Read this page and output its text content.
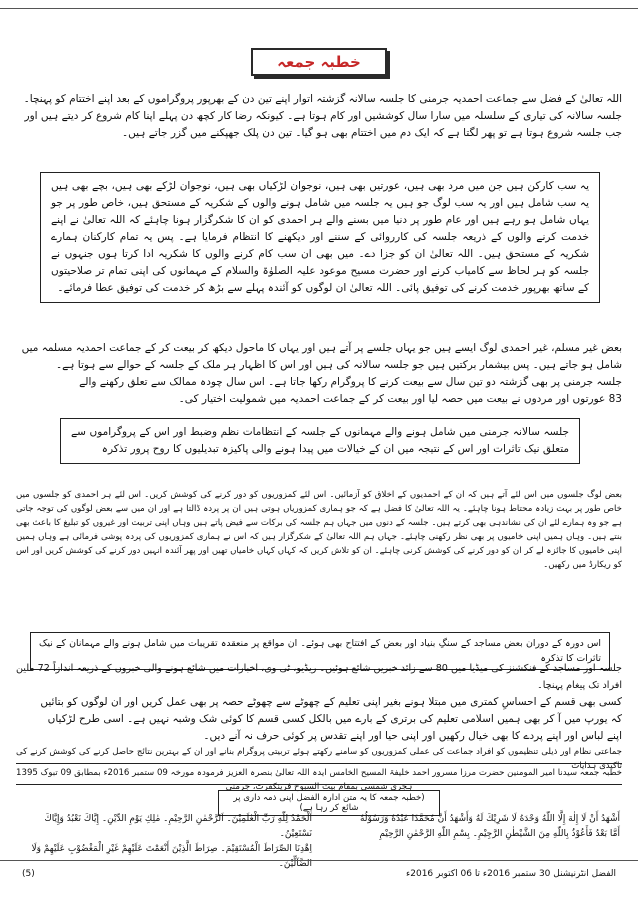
خطبہ جمعہ

اللہ تعالیٰ کے فضل سے جماعت احمدیہ جرمنی کا جلسہ سالانہ گزشتہ اتوار اپنے تین دن کے بھرپور پروگراموں کے بعد اپنے اختتام کو پہنچا۔

جلسہ سالانہ کی تیاری کے سلسلہ میں سارا سال کوششیں اور کام ہوتا ہے۔ کیونکہ رضا کار کچھ دن پہلے اپنا کام شروع کر دیتے ہیں اور

جب جلسہ شروع ہوتا ہے تو پھر لگتا ہے کہ ایک دم میں اختتام بھی ہو گیا۔ تین دن پلک جھپکنے میں گزر جاتے ہیں۔

یہ سب کارکن ہیں جن میں مرد بھی ہیں، عورتیں بھی ہیں، نوجوان لڑکیاں بھی ہیں، نوجوان لڑکے بھی ہیں، بچے بھی ہیں یہ سب شامل ہیں اور یہ سب لوگ جو ہیں یہ جلسہ میں شامل ہونے والوں کے شکریہ کے مستحق ہیں، خاص طور پر جو یہاں شامل ہو رہے ہیں اور عام طور پر دنیا میں بسنے والے ہر احمدی کو ان کا شکرگزار ہونا چاہئے کہ اللہ تعالیٰ نے اپنے خدمت کرنے والوں کے ذریعہ جلسہ کی کارروائی کے سننے اور دیکھنے کا انتظام فرمایا ہے۔ پس یہ تمام کارکنان ہمارے شکریہ کے مستحق ہیں۔ اللہ تعالیٰ ان کو جزا دے۔ میں بھی ان سب کام کرنے والوں کا شکریہ ادا کرتا ہوں جنہوں نے جلسہ کو ہر لحاظ سے کامیاب کرنے اور حضرت مسیح موعود علیہ الصلوٰۃ والسلام کے مہمانوں کی اپنی تمام تر صلاحیتوں کے ساتھ بھرپور خدمت کرنے کی توفیق پائی۔ اللہ تعالیٰ ان لوگوں کو آئندہ پہلے سے بڑھ کر خدمت کی توفیق عطا فرمائے۔

بعض غیر مسلم، غیر احمدی لوگ ایسے ہیں جو یہاں جلسے پر آتے ہیں اور یہاں کا ماحول دیکھ کر بیعت کر کے جماعت احمدیہ مسلمہ میں

شامل ہو جاتے ہیں۔ پس بیشمار برکتیں ہیں جو جلسہ سالانہ کی ہیں اور اس کا اظہار ہر ملک کے جلسہ کے حوالے سے ہوتا ہے۔

جلسہ جرمنی پر بھی گزشتہ دو تین سال سے بیعت کرنے کا پروگرام رکھا جاتا ہے۔ اس سال چودہ ممالک سے تعلق رکھنے والے

83 عورتوں اور مردوں نے بیعت میں حصہ لیا اور بیعت کر کے جماعت احمدیہ میں شمولیت اختیار کی۔

جلسہ سالانہ جرمنی میں شامل ہونے والے مہمانوں کے جلسہ کے انتظامات نظم وضبط اور اس کے پروگراموں سے متعلق نیک تاثرات اور اس کے نتیجہ میں ان کے خیالات میں پیدا ہونے والی پاکیزہ تبدیلیوں کا روح پرور تذکرہ

بعض لوگ جلسوں میں اس لئے آتے ہیں کہ ان کے احمدیوں کے اخلاق کو آزمائیں۔ اس لئے کمزوریوں کو دور کرنے کی کوشش کریں۔ اس لئے ہر احمدی کو جلسوں میں خاص طور پر بہت زیادہ محتاط ہونا چاہئے۔ یہ اللہ تعالیٰ کا فضل ہے کہ جو ہماری کمزوریاں ہوتی ہیں ان پر پردہ ڈالتا ہے اور ان میں سے بعض لوگوں کی توجہ جاتی ہے جو وہ ہمارے لئے ان کی نشاندہی بھی کرتے ہیں۔ جلسہ کے دنوں میں جہاں ہم جلسہ کی برکات سے فیض پاتے ہیں وہاں اپنی تربیت اور غیروں کو تبلیغ کا باعث بھی بنتے ہیں۔ وہاں ہمیں اپنی خامیوں پر بھی نظر رکھنی چاہئے۔ جہاں ہم اللہ تعالیٰ کے شکرگزار ہیں کہ اس نے ہماری کمزوریوں کی پردہ پوشی فرمائی ہے وہاں ہمیں اپنی خامیوں کا جائزہ لے کر ان کو دور کرنے کی کوشش کرنی چاہئے۔ ان کو تلاش کریں کہ کہاں کہاں خامیاں تھیں اور پھر آئندہ انہیں دور کرنے کی کوشش کریں اور اس کو ریکارڈ میں رکھیں۔

اس دورہ کے دوران بعض مساجد کے سنگِ بنیاد اور بعض کے افتتاح بھی ہوئے۔ ان مواقع پر منعقدہ تقریبات میں شامل ہونے والے مہمانان کے نیک تاثرات کا تذکرہ

جلسہ اور مساجد کے فنکشنز کی میڈیا میں 80 سے زائد خبریں شائع ہوئیں۔ ریڈیو، ٹی وی، اخبارات میں شائع ہونے والی خبروں کے ذریعہ اندازاً 72 ملین افراد تک پیغام پہنچا۔

کسی بھی قسم کے احساسِ کمتری میں مبتلا ہونے بغیر اپنی تعلیم کے چھوٹے سے چھوٹے حصہ پر بھی عمل کریں اور ان لوگوں کو بتائیں

کہ یورپ میں آ کر بھی ہمیں اسلامی تعلیم کی برتری کے بارے میں بالکل کسی قسم کا کوئی شک وشبہ نہیں ہے۔ اسی طرح لڑکیاں

اپنے لباس اور اپنے پردے کا بھی خیال رکھیں اور اپنی حیا اور اپنے تقدس پر کوئی حرف نہ آنے دیں۔

جماعتی نظام اور ذیلی تنظیموں کو افراد جماعت کی عملی کمزوریوں کو سامنے رکھتے ہوئے تربیتی پروگرام بنانے اور ان کے بہترین نتائج حاصل کرنے کی کوشش کرنے کی تاکیدی ہدایات

خطبہ جمعہ سیدنا امیر المومنین حضرت مرزا مسرور احمد خلیفۃ المسیح الخامس ایدہ اللہ تعالیٰ بنصرہ العزیز فرمودہ مورخہ 09 ستمبر 2016ء بمطابق 09 تبوک 1395 ہجری شمسی بمقام بیت السبوح فرینکفرٹ، جرمنی

(خطبہ جمعہ کا یہ متن ادارہ الفضل اپنی ذمہ داری پر شائع کر رہا ہے)
أَشْهَدُ أَنْ لَا إِلٰهَ إِلَّا اللّٰهُ وَحْدَهُ لَا شَرِيْكَ لَهُ وَأَشْهَدُ أَنَّ مُحَمَّدًا عَبْدُهُ وَرَسُوْلُهُ
أَمَّا بَعْدُ فَأَعُوْذُ بِاللّٰهِ مِنَ الشَّيْطٰنِ الرَّجِيْمِ۔ بِسْمِ اللّٰهِ الرَّحْمٰنِ الرَّحِيْمِ
اَلْحَمْدُ لِلّٰهِ رَبِّ الْعٰلَمِيْنَ۔ اَلرَّحْمٰنِ الرَّحِيْمِ۔ مٰلِكِ يَوْمِ الدِّيْنِ۔ إِيَّاكَ نَعْبُدُ وَإِيَّاكَ نَسْتَعِيْنُ۔
اِهْدِنَا الصِّرَاطَ الْمُسْتَقِيْمَ۔ صِرَاطَ الَّذِيْنَ أَنْعَمْتَ عَلَيْهِمْ غَيْرِ الْمَغْضُوْبِ عَلَيْهِمْ وَلَا الضَّآلِّيْنَ۔
(5)	الفضل انٹرنیشنل 30 ستمبر 2016ء تا 06 اکتوبر 2016ء
